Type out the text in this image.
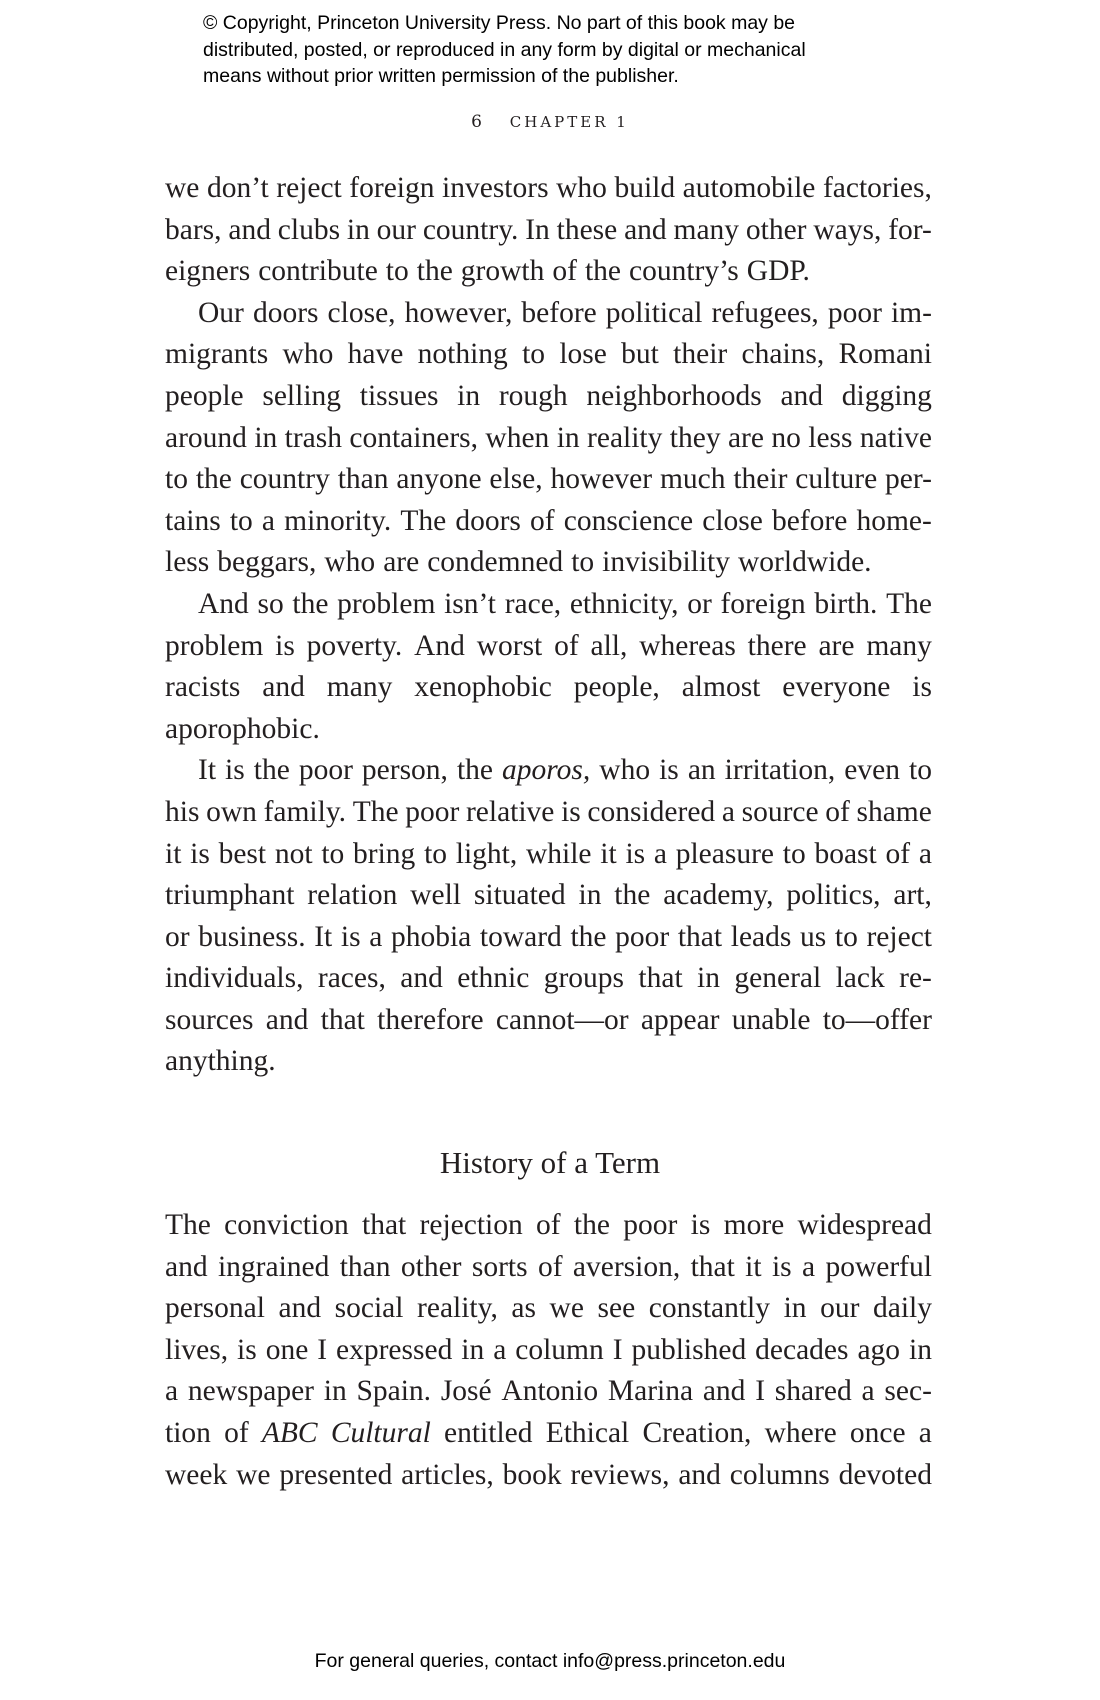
© Copyright, Princeton University Press. No part of this book may be
distributed, posted, or reproduced in any form by digital or mechanical
means without prior written permission of the publisher.
6 CHAPTER 1
we don’t reject foreign investors who build automobile factories,
bars, and clubs in our country. In these and many other ways, for-
eigners contribute to the growth of the country’s GDP.
Our doors close, however, before political refugees, poor im-
migrants who have nothing to lose but their chains, Romani
people selling tissues in rough neighborhoods and digging
around in trash containers, when in reality they are no less native
to the country than anyone else, however much their culture per-
tains to a minority. The doors of conscience close before home-
less beggars, who are condemned to invisibility worldwide.
And so the problem isn’t race, ethnicity, or foreign birth. The
problem is poverty. And worst of all, whereas there are many
racists and many xenophobic people, almost everyone is
aporophobic.
It is the poor person, the aporos, who is an irritation, even to
his own family. The poor relative is considered a source of shame
it is best not to bring to light, while it is a pleasure to boast of a
triumphant relation well situated in the academy, politics, art,
or business. It is a phobia toward the poor that leads us to reject
individuals, races, and ethnic groups that in general lack re-
sources and that therefore cannot—or appear unable to—offer
anything.
History of a Term
The conviction that rejection of the poor is more widespread
and ingrained than other sorts of aversion, that it is a powerful
personal and social reality, as we see constantly in our daily
lives, is one I expressed in a column I published decades ago in
a newspaper in Spain. José Antonio Marina and I shared a sec-
tion of ABC Cultural entitled Ethical Creation, where once a
week we presented articles, book reviews, and columns devoted
For general queries, contact info@press.princeton.edu
